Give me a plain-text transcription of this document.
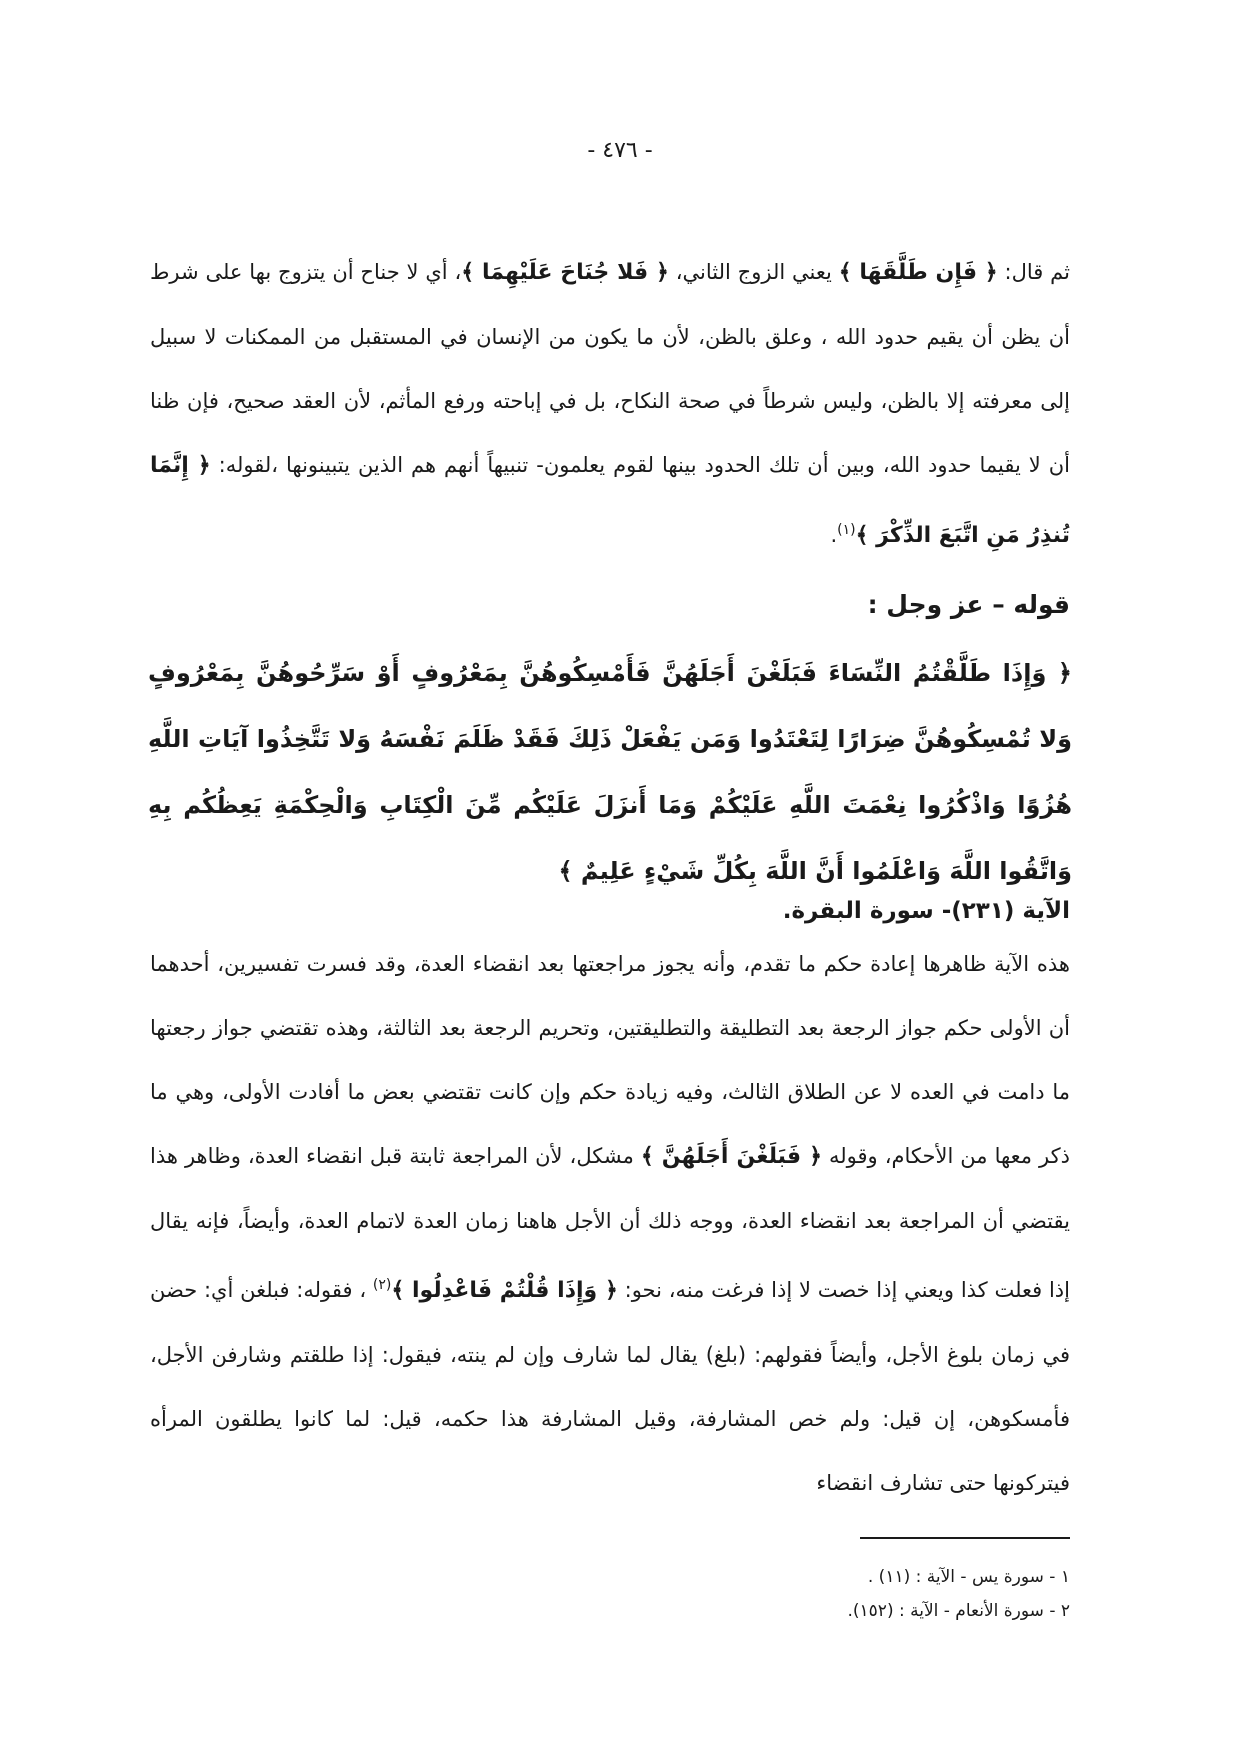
- ٤٧٦ -

ثم قال: ﴿ فَإِن طَلَّقَهَا ﴾ يعني الزوج الثاني، ﴿ فَلا جُنَاحَ عَلَيْهِمَا ﴾، أي لا جناح أن يتزوج بها على شرط أن يظن أن يقيم حدود الله ، وعلق بالظن، لأن ما يكون من الإنسان في المستقبل من الممكنات لا سبيل إلى معرفته إلا بالظن، وليس شرطاً في صحة النكاح، بل في إباحته ورفع المأثم، لأن العقد صحيح، فإن ظنا أن لا يقيما حدود الله، وبين أن تلك الحدود بينها لقوم يعلمون- تنبيهاً أنهم هم الذين يتبينونها ،لقوله: ﴿ إِنَّمَا تُنذِرُ مَنِ اتَّبَعَ الذِّكْرَ ﴾$^{(١)}$.

قوله – عز وجل :
﴿ وَإِذَا طَلَّقْتُمُ النِّسَاءَ فَبَلَغْنَ أَجَلَهُنَّ فَأَمْسِكُوهُنَّ بِمَعْرُوفٍ أَوْ سَرِّحُوهُنَّ بِمَعْرُوفٍ وَلا تُمْسِكُوهُنَّ ضِرَارًا لِتَعْتَدُوا وَمَن يَفْعَلْ ذَلِكَ فَقَدْ ظَلَمَ نَفْسَهُ وَلا تَتَّخِذُوا آيَاتِ اللَّهِ هُزُوًا وَاذْكُرُوا نِعْمَتَ اللَّهِ عَلَيْكُمْ وَمَا أَنزَلَ عَلَيْكُم مِّنَ الْكِتَابِ وَالْحِكْمَةِ يَعِظُكُم بِهِ وَاتَّقُوا اللَّهَ وَاعْلَمُوا أَنَّ اللَّهَ بِكُلِّ شَيْءٍ عَلِيمٌ ﴾
الآية (٢٣١)- سورة البقرة.

هذه الآية ظاهرها إعادة حكم ما تقدم، وأنه يجوز مراجعتها بعد انقضاء العدة، وقد فسرت تفسيرين، أحدهما أن الأولى حكم جواز الرجعة بعد التطليقة والتطليقتين، وتحريم الرجعة بعد الثالثة، وهذه تقتضي جواز رجعتها ما دامت في العده لا عن الطلاق الثالث، وفيه زيادة حكم وإن كانت تقتضي بعض ما أفادت الأولى، وهي ما ذكر معها من الأحكام، وقوله ﴿ فَبَلَغْنَ أَجَلَهُنَّ ﴾ مشكل، لأن المراجعة ثابتة قبل انقضاء العدة، وظاهر هذا يقتضي أن المراجعة بعد انقضاء العدة، ووجه ذلك أن الأجل هاهنا زمان العدة لاتمام العدة، وأيضاً، فإنه يقال إذا فعلت كذا ويعني إذا خصت لا إذا فرغت منه، نحو: ﴿ وَإِذَا قُلْتُمْ فَاعْدِلُوا ﴾$^{(٢)}$ ، فقوله: فبلغن أي: حضن في زمان بلوغ الأجل، وأيضاً فقولهم: (بلغ) يقال لما شارف وإن لم ينته، فيقول: إذا طلقتم وشارفن الأجل، فأمسكوهن، إن قيل: ولم خص المشارفة، وقيل المشارفة هذا حكمه، قيل: لما كانوا يطلقون المرأه فيتركونها حتى تشارف انقضاء

١ - سورة يس - الآية : (١١) .

٢ - سورة الأنعام - الآية : (١٥٢).
